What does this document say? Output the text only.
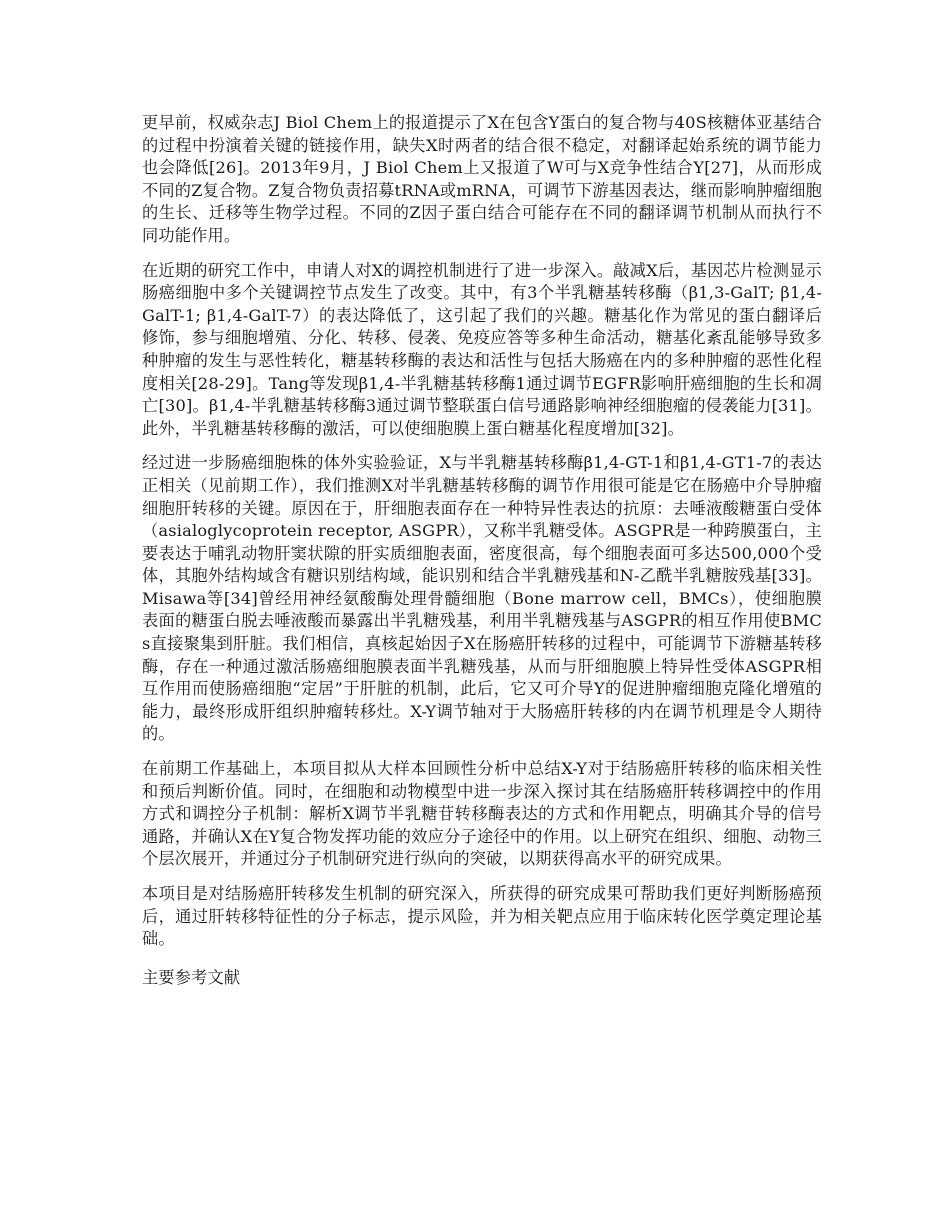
更早前，权威杂志J Biol Chem上的报道提示了X在包含Y蛋白的复合物与40S核糖体亚基结合的过程中扮演着关键的链接作用，缺失X时两者的结合很不稳定，对翻译起始系统的调节能力也会降低[26]。2013年9月，J Biol Chem上又报道了W可与X竞争性结合Y[27]，从而形成不同的Z复合物。Z复合物负责招募tRNA或mRNA，可调节下游基因表达，继而影响肿瘤细胞的生长、迁移等生物学过程。不同的Z因子蛋白结合可能存在不同的翻译调节机制从而执行不同功能作用。

在近期的研究工作中，申请人对X的调控机制进行了进一步深入。敲减X后，基因芯片检测显示肠癌细胞中多个关键调控节点发生了改变。其中，有3个半乳糖基转移酶（β1,3-GalT; β1,4-GalT-1; β1,4-GalT-7）的表达降低了，这引起了我们的兴趣。糖基化作为常见的蛋白翻译后修饰，参与细胞增殖、分化、转移、侵袭、免疫应答等多种生命活动，糖基化紊乱能够导致多种肿瘤的发生与恶性转化，糖基转移酶的表达和活性与包括大肠癌在内的多种肿瘤的恶性化程度相关[28-29]。Tang等发现β1,4-半乳糖基转移酶1通过调节EGFR影响肝癌细胞的生长和凋亡[30]。β1,4-半乳糖基转移酶3通过调节整联蛋白信号通路影响神经细胞瘤的侵袭能力[31]。此外，半乳糖基转移酶的激活，可以使细胞膜上蛋白糖基化程度增加[32]。

经过进一步肠癌细胞株的体外实验验证，X与半乳糖基转移酶β1,4-GT-1和β1,4-GT1-7的表达正相关（见前期工作），我们推测X对半乳糖基转移酶的调节作用很可能是它在肠癌中介导肿瘤细胞肝转移的关键。原因在于，肝细胞表面存在一种特异性表达的抗原：去唾液酸糖蛋白受体（asialoglycoprotein receptor, ASGPR），又称半乳糖受体。ASGPR是一种跨膜蛋白，主要表达于哺乳动物肝窦状隙的肝实质细胞表面，密度很高，每个细胞表面可多达500,000个受体，其胞外结构域含有糖识别结构域，能识别和结合半乳糖残基和N-乙酰半乳糖胺残基[33]。Misawa等[34]曾经用神经氨酸酶处理骨髓细胞（Bone marrow cell，BMCs），使细胞膜表面的糖蛋白脱去唾液酸而暴露出半乳糖残基，利用半乳糖残基与ASGPR的相互作用使BMCs直接聚集到肝脏。我们相信，真核起始因子X在肠癌肝转移的过程中，可能调节下游糖基转移酶，存在一种通过激活肠癌细胞膜表面半乳糖残基，从而与肝细胞膜上特异性受体ASGPR相互作用而使肠癌细胞“定居”于肝脏的机制，此后，它又可介导Y的促进肿瘤细胞克隆化增殖的能力，最终形成肝组织肿瘤转移灶。X-Y调节轴对于大肠癌肝转移的内在调节机理是令人期待的。

在前期工作基础上，本项目拟从大样本回顾性分析中总结X-Y对于结肠癌肝转移的临床相关性和预后判断价值。同时，在细胞和动物模型中进一步深入探讨其在结肠癌肝转移调控中的作用方式和调控分子机制：解析X调节半乳糖苷转移酶表达的方式和作用靶点，明确其介导的信号通路，并确认X在Y复合物发挥功能的效应分子途径中的作用。以上研究在组织、细胞、动物三个层次展开，并通过分子机制研究进行纵向的突破，以期获得高水平的研究成果。

本项目是对结肠癌肝转移发生机制的研究深入，所获得的研究成果可帮助我们更好判断肠癌预后，通过肝转移特征性的分子标志，提示风险，并为相关靶点应用于临床转化医学奠定理论基础。

主要参考文献
